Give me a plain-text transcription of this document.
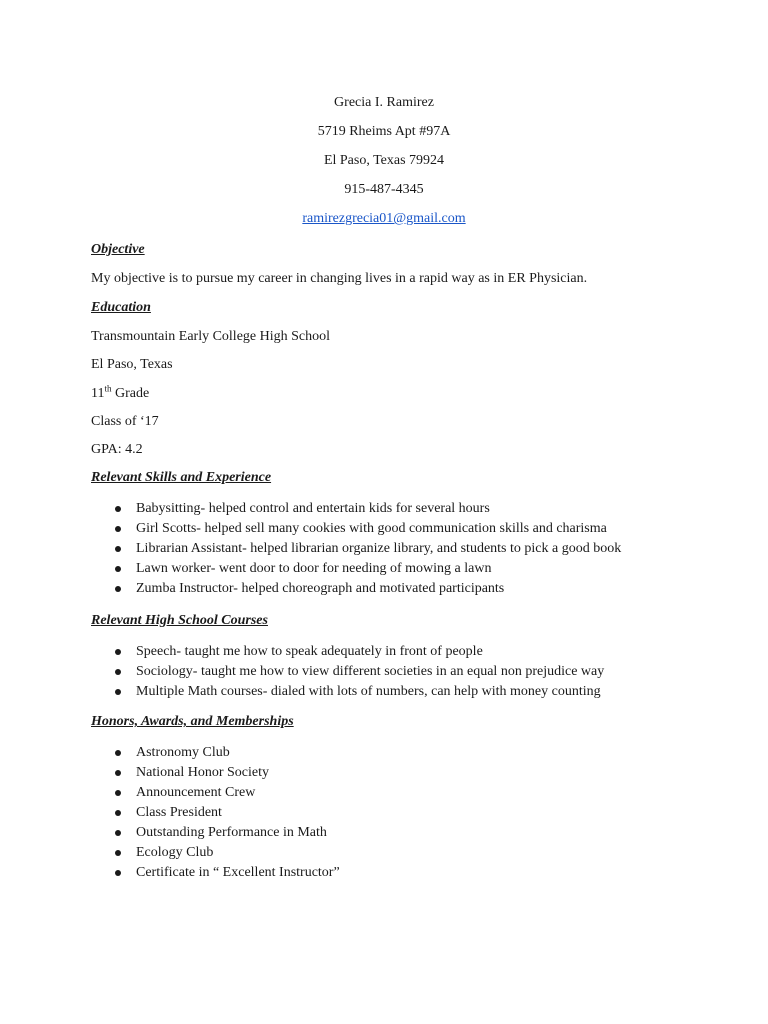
Grecia I. Ramirez
5719 Rheims Apt #97A
El Paso, Texas 79924
915-487-4345
ramirezgrecia01@gmail.com
Objective
My objective is to pursue my career in changing lives in a rapid way as in ER Physician.
Education
Transmountain Early College High School
El Paso, Texas
11th Grade
Class of ‘17
GPA: 4.2
Relevant Skills and Experience
Babysitting- helped control and entertain kids for several hours
Girl Scotts- helped sell many cookies with good communication skills and charisma
Librarian Assistant- helped librarian organize library, and students to pick a good book
Lawn worker- went door to door for needing of mowing a lawn
Zumba Instructor- helped choreograph and motivated participants
Relevant High School Courses
Speech- taught me how to speak adequately in front of people
Sociology- taught me how to view different societies in an equal non prejudice way
Multiple Math courses- dialed with lots of numbers, can help with money counting
Honors, Awards, and Memberships
Astronomy Club
National Honor Society
Announcement Crew
Class President
Outstanding Performance in Math
Ecology Club
Certificate in “ Excellent Instructor”
